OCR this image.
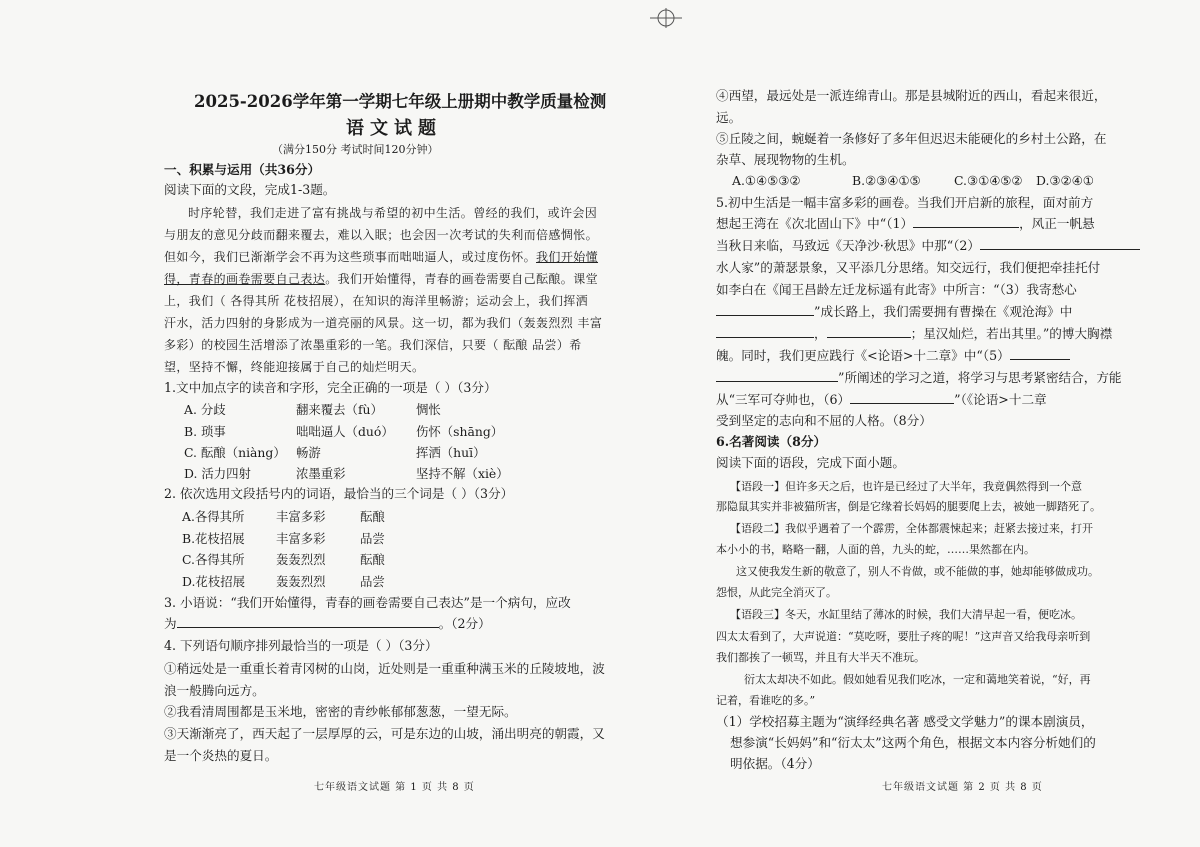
2025-2026学年第一学期七年级上册期中教学质量检测
语文试题
（满分150分 考试时间120分钟）
一、积累与运用（共36分）
阅读下面的文段，完成1-3题。
时序轮替，我们走进了富有挑战与希望的初中生活。曾经的我们，或许会因
与朋友的意见分歧而翻来覆去，难以入眠；也会因一次考试的失利而倍感惆怅。
但如今，我们已渐渐学会不再为这些琐事而咄咄逼人，或过度伤怀。我们开始懂
得，青春的画卷需要自己表达。我们开始懂得，青春的画卷需要自己酝酿。课堂
上，我们（ 各得其所 花枝招展），在知识的海洋里畅游；运动会上，我们挥洒
汗水，活力四射的身影成为一道亮丽的风景。这一切，都为我们（轰轰烈烈 丰富
多彩）的校园生活增添了浓墨重彩的一笔。我们深信，只要（ 酝酿 品尝）希
望，坚持不懈，终能迎接属于自己的灿烂明天。
1.文中加点字的读音和字形，完全正确的一项是（ ）（3分）
A. 分歧	翻来覆去（fù）	惆怅
B. 琐事	咄咄逼人（duó） 伤怀（shāng）
C. 酝酿（niàng） 畅游	挥洒（huī）
D. 活力四射	浓墨重彩	坚持不解（xiè）
2. 依次选用文段括号内的词语，最恰当的三个词是（ ）（3分）
A.各得其所	丰富多彩	酝酿
B.花枝招展	丰富多彩	品尝
C.各得其所	轰轰烈烈	酝酿
D.花枝招展	轰轰烈烈	品尝
3. 小语说：“我们开始懂得，青春的画卷需要自己表达”是一个病句，应改
为	。（2分）
4. 下列语句顺序排列最恰当的一项是（ ）（3分）
①稍远处是一重重长着青冈树的山岗，近处则是一重重种满玉米的丘陵坡地，波
浪一般腾向远方。
②我看清周围都是玉米地，密密的青纱帐郁郁葱葱，一望无际。
③天渐渐亮了，西天起了一层厚厚的云，可是东边的山坡，涌出明亮的朝霞，又
是一个炎热的夏日。
七年级语文试题 第 1 页 共 8 页
④西望，最远处是一派连绵青山。那是县城附近的西山，看起来很近，
远。
⑤丘陵之间，蜿蜒着一条修好了多年但迟迟未能硬化的乡村土公路，在
杂草、展现物物的生机。
A.①④⑤③②	B.②③④①⑤	C.③①④⑤② D.③②④①
5.初中生活是一幅丰富多彩的画卷。当我们开启新的旅程，面对前方
想起王湾在《次北固山下》中“（1）	，风正一帆悬
当秋日来临，马致远《天净沙·秋思》中那“（2）
水人家”的萧瑟景象，又平添几分思绪。知交远行，我们便把牵挂托付
如李白在《闻王昌龄左迁龙标遥有此寄》中所言：“（3）我寄愁心
”成长路上，我们需要拥有曹操在《观沧海》中
，	；星汉灿烂，若出其里。”的博大胸襟
魄。同时，我们更应践行《<论语>十二章》中“（5）
”所阐述的学习之道，将学习与思考紧密结合，方能
从“三军可夺帅也，（6）	”（《论语>十二章
受到坚定的志向和不屈的人格。（8分）
6.名著阅读（8分）
阅读下面的语段，完成下面小题。
【语段一】但许多天之后，也许是已经过了大半年，我竟偶然得到一个意
那隐鼠其实并非被猫所害，倒是它缘着长妈妈的腿要爬上去，被她一脚踏死了。
【语段二】我似乎遇着了一个霹雳，全体都震悚起来；赶紧去接过来，打开
本小小的书，略略一翻，人面的兽，九头的蛇，……果然都在内。
这又使我发生新的敬意了，别人不肯做，或不能做的事，她却能够做成功。
怨恨，从此完全消灭了。
【语段三】冬天，水缸里结了薄冰的时候，我们大清早起一看，便吃冰。
四太太看到了，大声说道：“莫吃呀，要肚子疼的呢！”这声音又给我母亲听到
我们都挨了一顿骂，并且有大半天不准玩。
衍太太却决不如此。假如她看见我们吃冰，一定和蔼地笑着说，“好，再
记着，看谁吃的多。”
（1）学校招募主题为“演绎经典名著 感受文学魅力”的课本剧演员，
想参演“长妈妈”和“衍太太”这两个角色，根据文本内容分析她们的
明依据。（4分）
七年级语文试题 第 2 页 共 8 页
